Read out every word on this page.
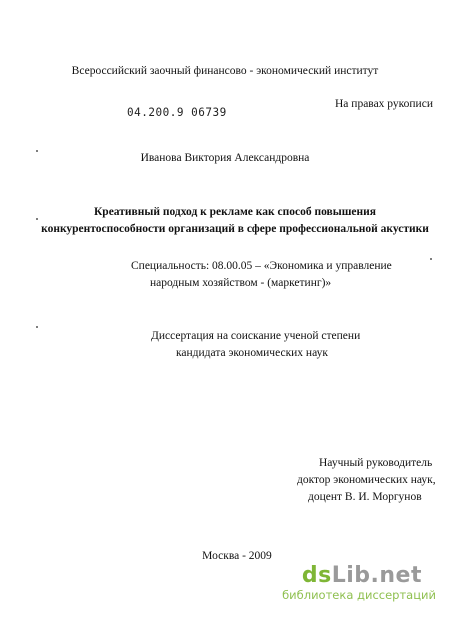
Всероссийский заочный финансово - экономический институт
04.200.9 06739
На правах рукописи
Иванова Виктория Александровна
Креативный подход к рекламе как способ повышения
конкурентоспособности организаций в сфере профессиональной акустики
Специальность: 08.00.05 – «Экономика и управление
народным хозяйством - (маркетинг)»
Диссертация на соискание ученой степени
кандидата экономических наук
Научный руководитель
доктор экономических наук,
доцент В. И. Моргунов
Москва - 2009
dsLib.net
библиотека диссертаций
